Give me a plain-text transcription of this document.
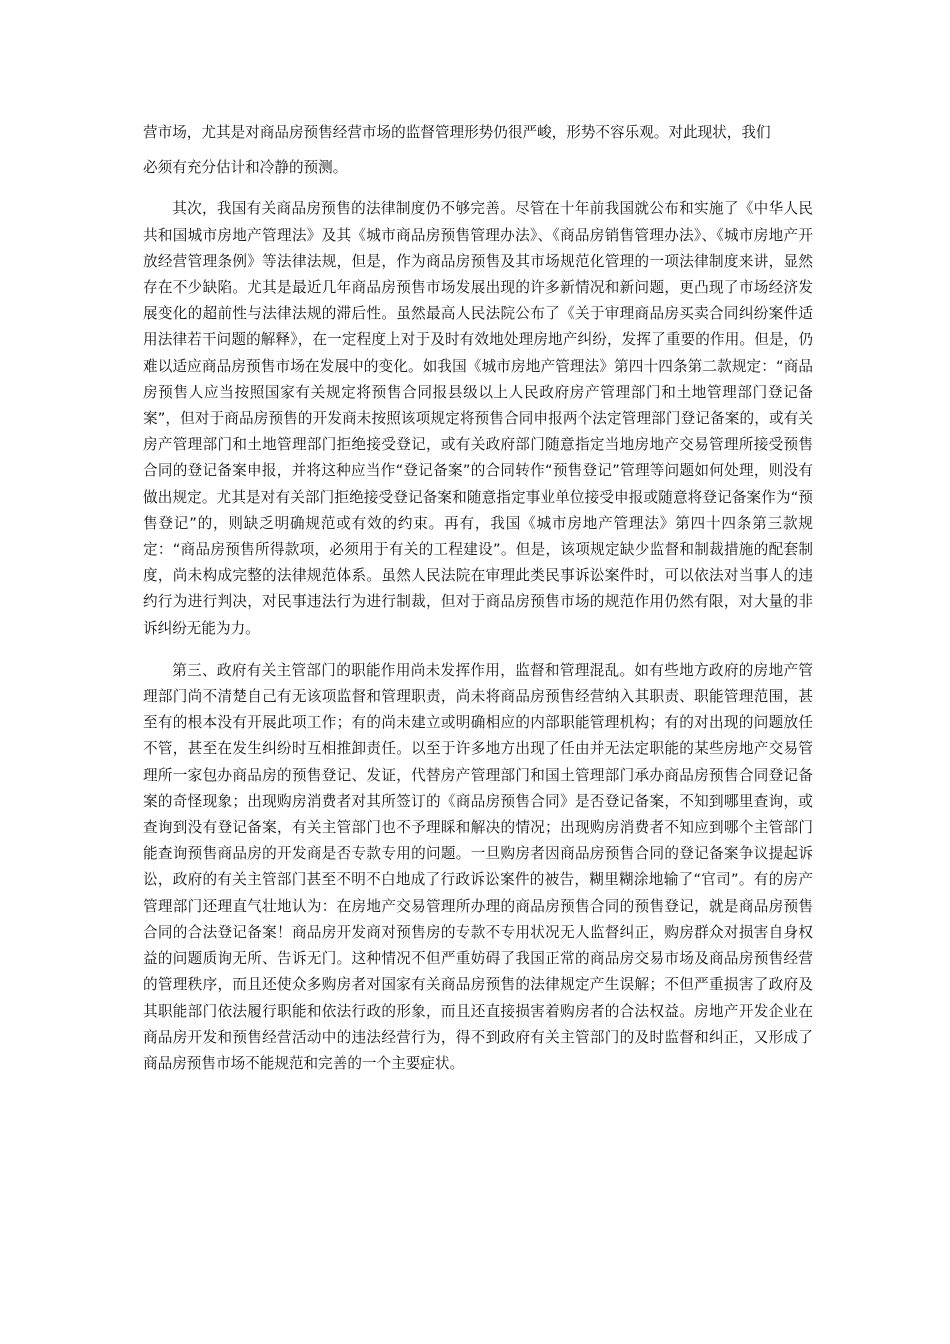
营市场，尤其是对商品房预售经营市场的监督管理形势仍很严峻，形势不容乐观。对此现状，我们

必须有充分估计和冷静的预测。

其次，我国有关商品房预售的法律制度仍不够完善。尽管在十年前我国就公布和实施了《中华人民共和国城市房地产管理法》及其《城市商品房预售管理办法》、《商品房销售管理办法》、《城市房地产开放经营管理条例》等法律法规，但是，作为商品房预售及其市场规范化管理的一项法律制度来讲，显然存在不少缺陷。尤其是最近几年商品房预售市场发展出现的许多新情况和新问题，更凸现了市场经济发展变化的超前性与法律法规的滞后性。虽然最高人民法院公布了《关于审理商品房买卖合同纠纷案件适用法律若干问题的解释》，在一定程度上对于及时有效地处理房地产纠纷，发挥了重要的作用。但是，仍难以适应商品房预售市场在发展中的变化。如我国《城市房地产管理法》第四十四条第二款规定：“商品房预售人应当按照国家有关规定将预售合同报县级以上人民政府房产管理部门和土地管理部门登记备案”，但对于商品房预售的开发商未按照该项规定将预售合同申报两个法定管理部门登记备案的，或有关房产管理部门和土地管理部门拒绝接受登记，或有关政府部门随意指定当地房地产交易管理所接受预售合同的登记备案申报，并将这种应当作“登记备案”的合同转作“预售登记”管理等问题如何处理，则没有做出规定。尤其是对有关部门拒绝接受登记备案和随意指定事业单位接受申报或随意将登记备案作为“预售登记”的，则缺乏明确规范或有效的约束。再有，我国《城市房地产管理法》第四十四条第三款规定：“商品房预售所得款项，必须用于有关的工程建设”。但是，该项规定缺少监督和制裁措施的配套制度，尚未构成完整的法律规范体系。虽然人民法院在审理此类民事诉讼案件时，可以依法对当事人的违约行为进行判决，对民事违法行为进行制裁，但对于商品房预售市场的规范作用仍然有限，对大量的非诉纠纷无能为力。

第三、政府有关主管部门的职能作用尚未发挥作用，监督和管理混乱。如有些地方政府的房地产管理部门尚不清楚自己有无该项监督和管理职责，尚未将商品房预售经营纳入其职责、职能管理范围，甚至有的根本没有开展此项工作；有的尚未建立或明确相应的内部职能管理机构；有的对出现的问题放任不管，甚至在发生纠纷时互相推卸责任。以至于许多地方出现了任由并无法定职能的某些房地产交易管理所一家包办商品房的预售登记、发证，代替房产管理部门和国土管理部门承办商品房预售合同登记备案的奇怪现象；出现购房消费者对其所签订的《商品房预售合同》是否登记备案，不知到哪里查询，或查询到没有登记备案，有关主管部门也不予理睬和解决的情况；出现购房消费者不知应到哪个主管部门能查询预售商品房的开发商是否专款专用的问题。一旦购房者因商品房预售合同的登记备案争议提起诉讼，政府的有关主管部门甚至不明不白地成了行政诉讼案件的被告，糊里糊涂地输了“官司”。有的房产管理部门还理直气壮地认为：在房地产交易管理所办理的商品房预售合同的预售登记，就是商品房预售合同的合法登记备案！商品房开发商对预售房的专款不专用状况无人监督纠正，购房群众对损害自身权益的问题质询无所、告诉无门。这种情况不但严重妨碍了我国正常的商品房交易市场及商品房预售经营的管理秩序，而且还使众多购房者对国家有关商品房预售的法律规定产生误解；不但严重损害了政府及其职能部门依法履行职能和依法行政的形象，而且还直接损害着购房者的合法权益。房地产开发企业在商品房开发和预售经营活动中的违法经营行为，得不到政府有关主管部门的及时监督和纠正，又形成了商品房预售市场不能规范和完善的一个主要症状。
